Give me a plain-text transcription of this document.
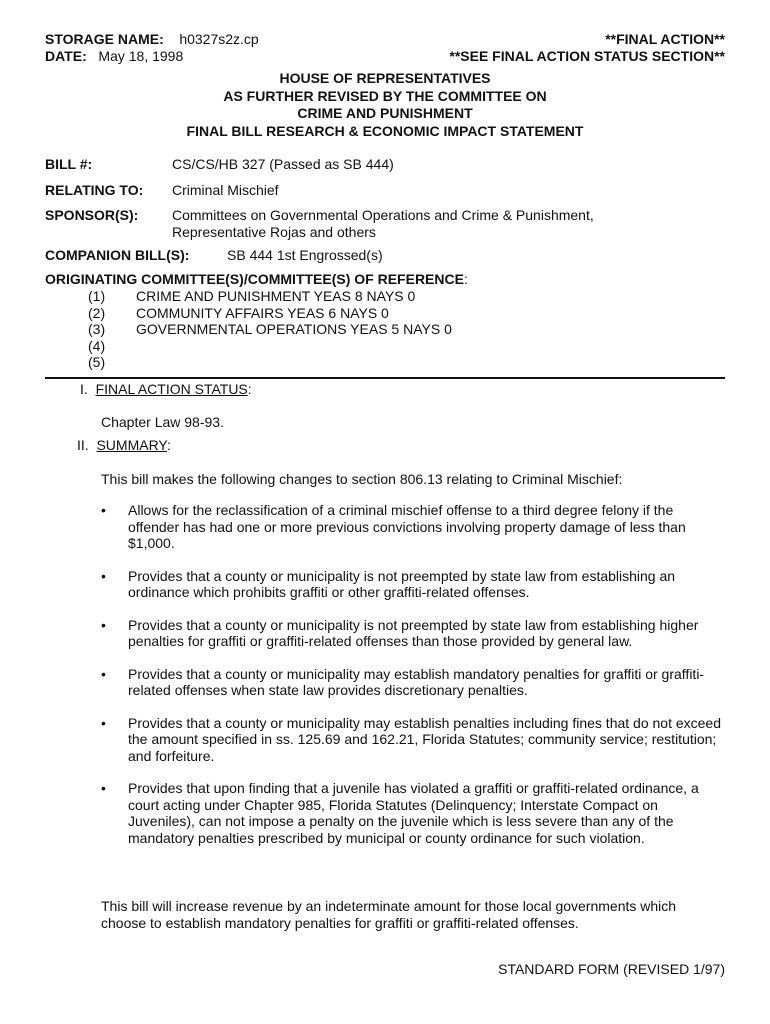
STORAGE NAME: h0327s2z.cp
DATE: May 18, 1998
**FINAL ACTION**
**SEE FINAL ACTION STATUS SECTION**
HOUSE OF REPRESENTATIVES
AS FURTHER REVISED BY THE COMMITTEE ON
CRIME AND PUNISHMENT
FINAL BILL RESEARCH & ECONOMIC IMPACT STATEMENT
BILL #:	CS/CS/HB 327 (Passed as SB 444)
RELATING TO: Criminal Mischief
SPONSOR(S): Committees on Governmental Operations and Crime & Punishment,
Representative Rojas and others
COMPANION BILL(S):	SB 444 1st Engrossed(s)
ORIGINATING COMMITTEE(S)/COMMITTEE(S) OF REFERENCE:
(1) CRIME AND PUNISHMENT YEAS 8 NAYS 0
(2) COMMUNITY AFFAIRS YEAS 6 NAYS 0
(3) GOVERNMENTAL OPERATIONS YEAS 5 NAYS 0
(4)
(5)
I. FINAL ACTION STATUS:
Chapter Law 98-93.
II. SUMMARY:
This bill makes the following changes to section 806.13 relating to Criminal Mischief:
• Allows for the reclassification of a criminal mischief offense to a third degree felony if the offender has had one or more previous convictions involving property damage of less than $1,000.
• Provides that a county or municipality is not preempted by state law from establishing an ordinance which prohibits graffiti or other graffiti-related offenses.
• Provides that a county or municipality is not preempted by state law from establishing higher penalties for graffiti or graffiti-related offenses than those provided by general law.
• Provides that a county or municipality may establish mandatory penalties for graffiti or graffiti-related offenses when state law provides discretionary penalties.
• Provides that a county or municipality may establish penalties including fines that do not exceed the amount specified in ss. 125.69 and 162.21, Florida Statutes; community service; restitution; and forfeiture.
• Provides that upon finding that a juvenile has violated a graffiti or graffiti-related ordinance, a court acting under Chapter 985, Florida Statutes (Delinquency; Interstate Compact on Juveniles), can not impose a penalty on the juvenile which is less severe than any of the mandatory penalties prescribed by municipal or county ordinance for such violation.
This bill will increase revenue by an indeterminate amount for those local governments which choose to establish mandatory penalties for graffiti or graffiti-related offenses.
STANDARD FORM (REVISED 1/97)
